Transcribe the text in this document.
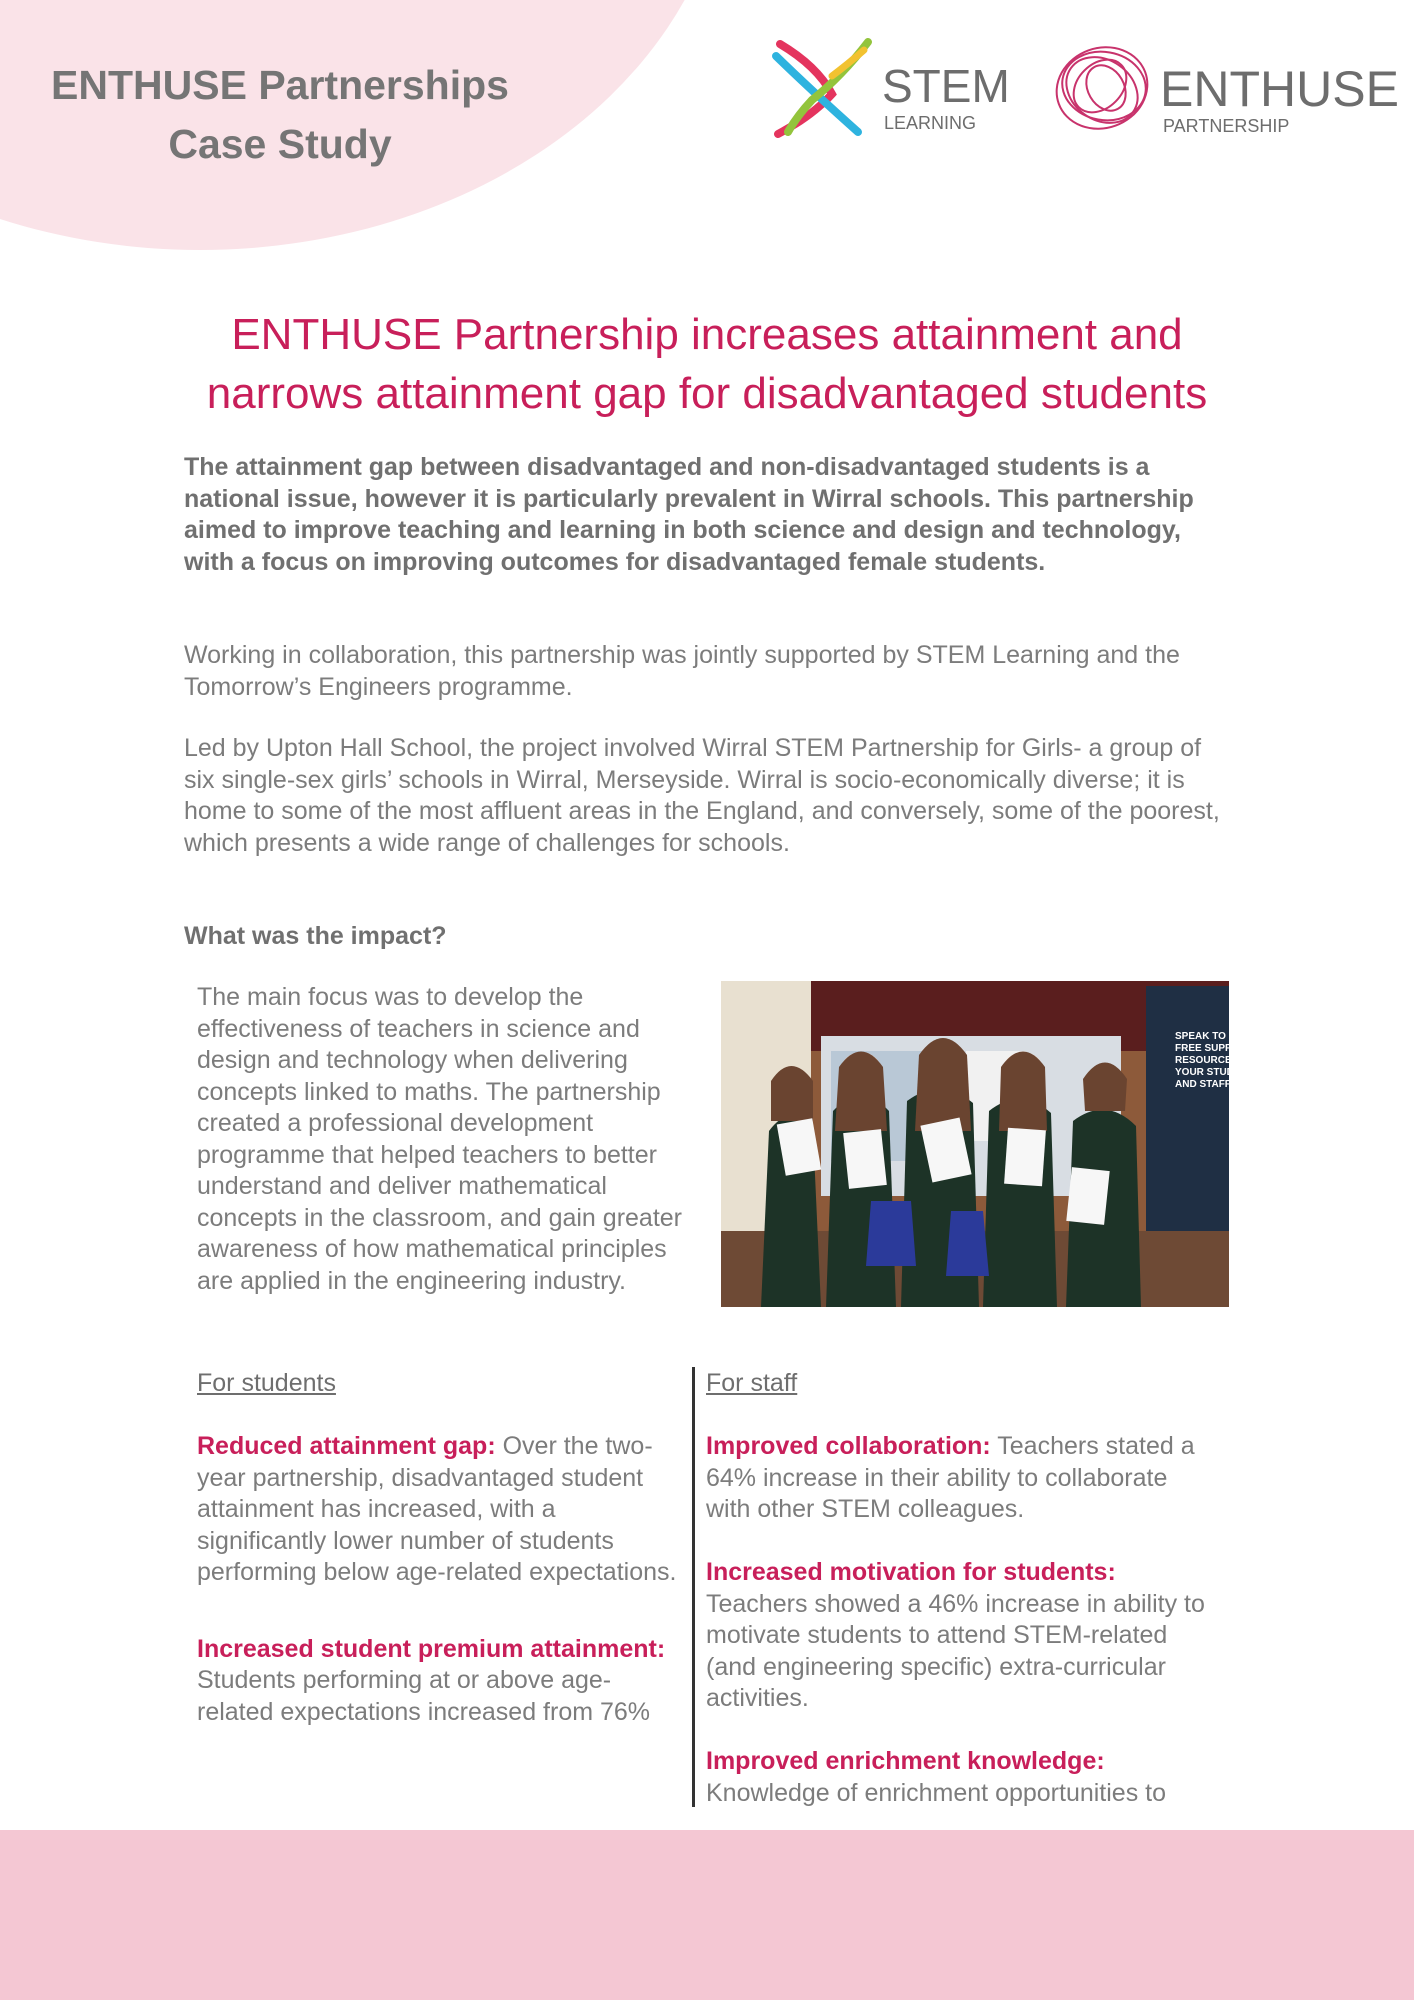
ENTHUSE Partnerships
Case Study
STEM
LEARNING
ENTHUSE
PARTNERSHIP
ENTHUSE Partnership increases attainment and
narrows attainment gap for disadvantaged students

The attainment gap between disadvantaged and non-disadvantaged students is a national issue, however it is particularly prevalent in Wirral schools. This partnership aimed to improve teaching and learning in both science and design and technology, with a focus on improving outcomes for disadvantaged female students.

Working in collaboration, this partnership was jointly supported by STEM Learning and the Tomorrow’s Engineers programme.

Led by Upton Hall School, the project involved Wirral STEM Partnership for Girls- a group of six single-sex girls’ schools in Wirral, Merseyside. Wirral is socio-economically diverse; it is home to some of the most affluent areas in the England, and conversely, some of the poorest, which presents a wide range of challenges for schools.

What was the impact?

The main focus was to develop the effectiveness of teachers in science and design and technology when delivering concepts linked to maths. The partnership created a professional development programme that helped teachers to better understand and deliver mathematical concepts in the classroom, and gain greater awareness of how mathematical principles are applied in the engineering industry.

SPEAK TO US FREE SUPPORT RESOURCES F YOUR STUDEN AND STAFF

For students

Reduced attainment gap: Over the two-year partnership, disadvantaged student attainment has increased, with a significantly lower number of students performing below age-related expectations.

Increased student premium attainment: Students performing at or above age-related expectations increased from 76%

For staff

Improved collaboration: Teachers stated a 64% increase in their ability to collaborate with other STEM colleagues.

Increased motivation for students: Teachers showed a 46% increase in ability to motivate students to attend STEM-related (and engineering specific) extra-curricular activities.

Improved enrichment knowledge: Knowledge of enrichment opportunities to
